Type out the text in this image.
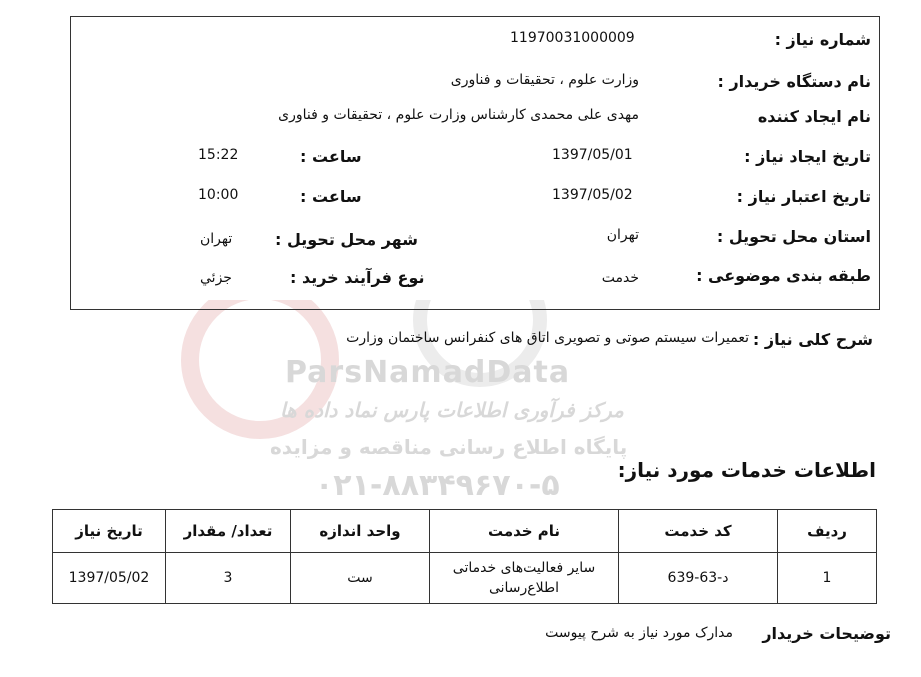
ParsNamadData
مرکز فرآوری اطلاعات پارس نماد داده ها
پایگاه اطلاع رسانی مناقصه و مزایده
۰۲۱-۸۸۳۴۹۶۷۰-۵
شماره نیاز :
11970031000009
نام دستگاه خریدار :
وزارت علوم ، تحقیقات و فناوری
نام ایجاد کننده
مهدی علی محمدی کارشناس وزارت علوم ، تحقیقات و فناوری
تاریخ ایجاد نیاز :
1397/05/01
ساعت :
15:22
تاریخ اعتبار نیاز :
1397/05/02
ساعت :
10:00
استان محل تحویل :
تهران
شهر محل تحویل :
تهران
طبقه بندی موضوعی :
خدمت
نوع فرآیند خرید :
جزئي
شرح کلی نیاز :
تعمیرات سیستم صوتی و تصویری اتاق های کنفرانس ساختمان وزارت
اطلاعات خدمات مورد نیاز:
ردیف	کد خدمت	نام خدمت	واحد اندازه	تعداد/ مقدار	تاریخ نیاز
1	د-63-639	سایر فعالیت‌های خدماتی اطلاع‌رسانی	ست	3	1397/05/02
توضیحات خریدار
مدارک مورد نیاز به شرح پیوست
